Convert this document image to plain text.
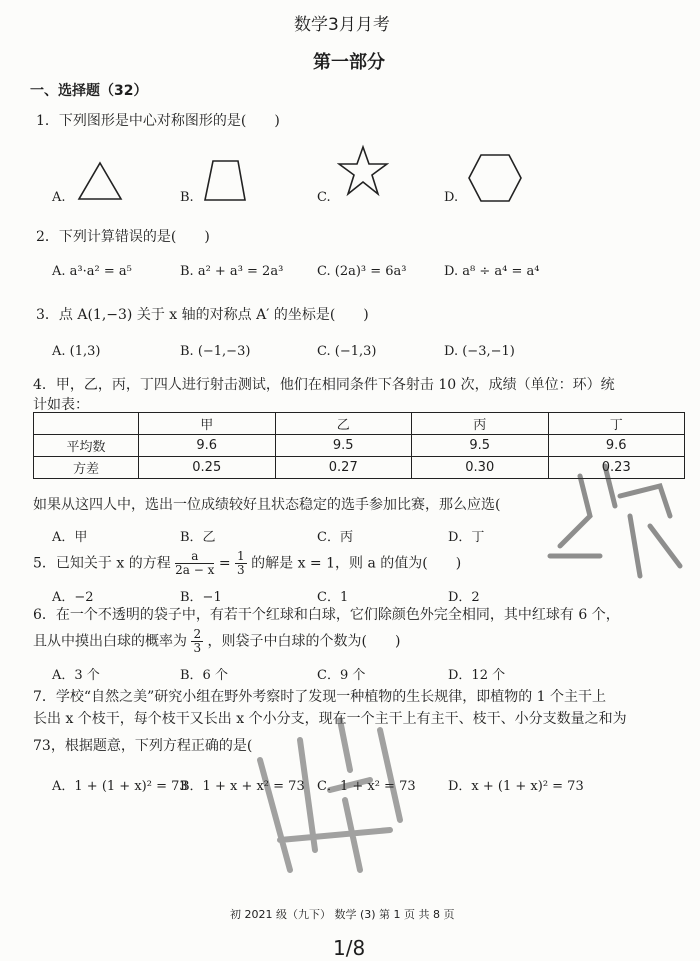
数学3月月考
第一部分
一、选择题（32）
1．下列图形是中心对称图形的是(　　)
A.	B.	C.	D.
2．下列计算错误的是(　　)
A. a³·a² = a⁵	B. a² + a³ = 2a³	C. (2a)³ = 6a³	D. a⁸ ÷ a⁴ = a⁴
3．点 A(1,−3) 关于 x 轴的对称点 A′ 的坐标是(　　)
A. (1,3)	B. (−1,−3)	C. (−1,3)	D. (−3,−1)
4．甲，乙，丙，丁四人进行射击测试，他们在相同条件下各射击 10 次，成绩（单位：环）统
计如表：
	甲	乙	丙	丁
平均数	9.6	9.5	9.5	9.6
方差	0.25	0.27	0.30	0.23
如果从这四人中，选出一位成绩较好且状态稳定的选手参加比赛，那么应选(
A．甲	B．乙	C．丙	D．丁
5．已知关于 x 的方程 $\frac{a}{2a - x} = \frac{1}{3}$ 的解是 x = 1，则 a 的值为(　　)
A．−2	B．−1	C．1	D．2
6．在一个不透明的袋子中，有若干个红球和白球，它们除颜色外完全相同，其中红球有 6 个，
且从中摸出白球的概率为 $\frac{2}{3}$ ，则袋子中白球的个数为(　　)
A．3 个	B．6 个	C．9 个	D．12 个
7．学校“自然之美”研究小组在野外考察时了发现一种植物的生长规律，即植物的 1 个主干上
长出 x 个枝干，每个枝干又长出 x 个小分支，现在一个主干上有主干、枝干、小分支数量之和为
73，根据题意，下列方程正确的是(
A．1 + (1 + x)² = 73
B．1 + x + x² = 73 C．1 + x² = 73 D．x + (1 + x)² = 73
初 2021 级（九下） 数学 (3) 第 1 页 共 8 页
1/8
